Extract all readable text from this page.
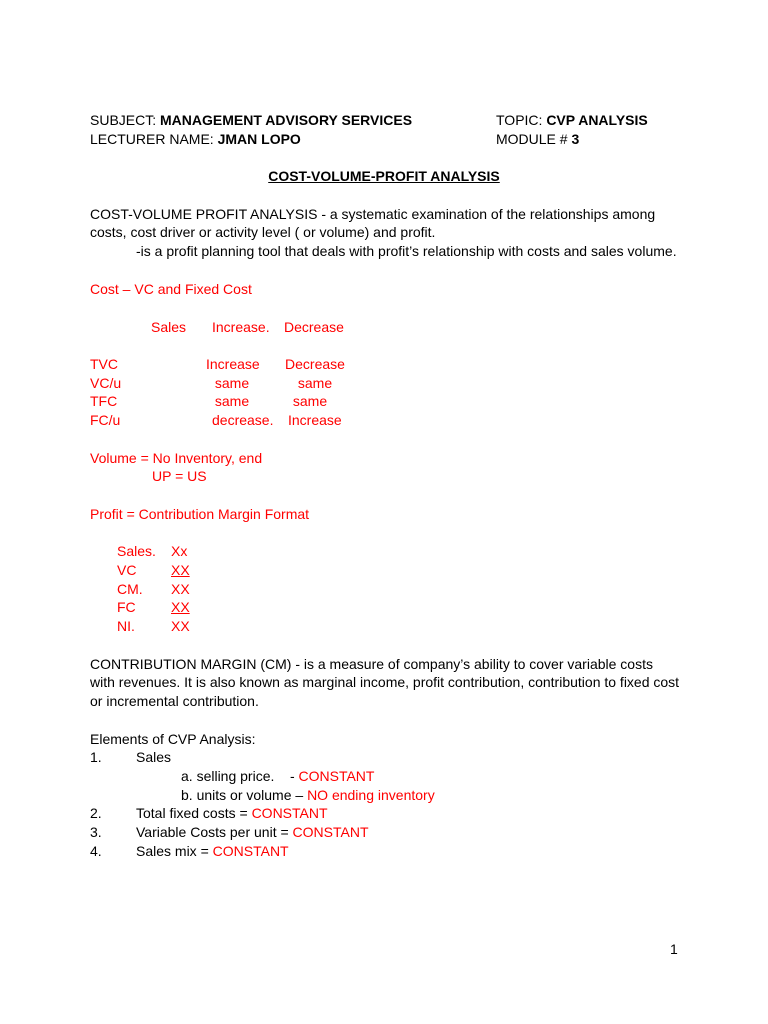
SUBJECT: MANAGEMENT ADVISORY SERVICES	TOPIC: CVP ANALYSIS
LECTURER NAME: JMAN LOPO	MODULE # 3
COST-VOLUME-PROFIT ANALYSIS
COST-VOLUME PROFIT ANALYSIS - a systematic examination of the relationships among
costs, cost driver or activity level ( or volume) and profit.
-is a profit planning tool that deals with profit’s relationship with costs and sales volume.
Cost – VC and Fixed Cost
Sales Increase. Decrease
TVC	Increase Decrease
VC/u	same	same
TFC	same	same
FC/u	decrease. Increase
Volume = No Inventory, end
UP = US
Profit = Contribution Margin Format
Sales. Xx
VC XX
CM. XX
FC	XX
NI.	XX
CONTRIBUTION MARGIN (CM) - is a measure of company’s ability to cover variable costs
with revenues. It is also known as marginal income, profit contribution, contribution to fixed cost
or incremental contribution.
Elements of CVP Analysis:
1. Sales
a. selling price.    - CONSTANT
b. units or volume – NO ending inventory
2. Total fixed costs = CONSTANT
3. Variable Costs per unit = CONSTANT
4. Sales mix = CONSTANT
1
